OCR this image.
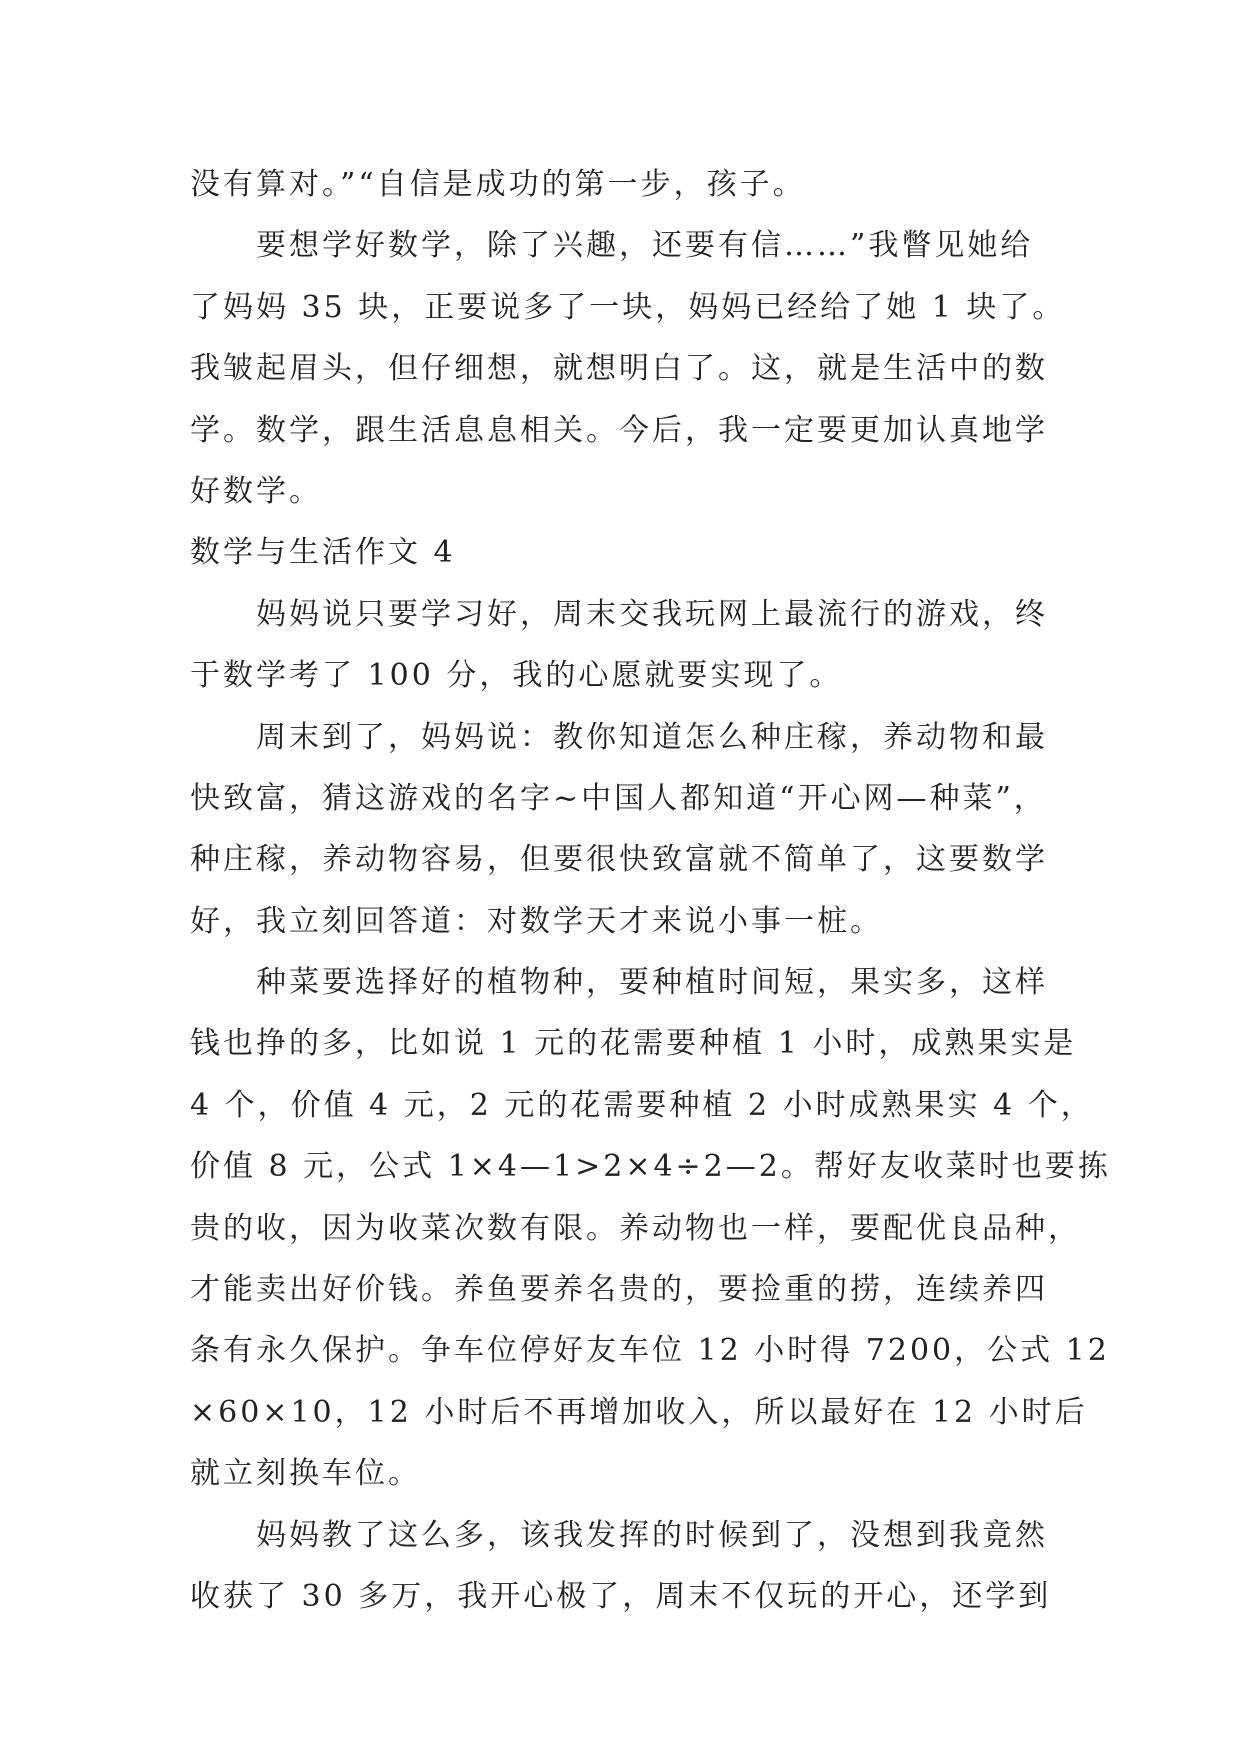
没有算对。”“自信是成功的第一步，孩子。
要想学好数学，除了兴趣，还要有信……”我瞥见她给
了妈妈 35 块，正要说多了一块，妈妈已经给了她 1 块了。
我皱起眉头，但仔细想，就想明白了。这，就是生活中的数
学。数学，跟生活息息相关。今后，我一定要更加认真地学
好数学。
数学与生活作文 4
妈妈说只要学习好，周末交我玩网上最流行的游戏，终
于数学考了 100 分，我的心愿就要实现了。
周末到了，妈妈说：教你知道怎么种庄稼，养动物和最
快致富，猜这游戏的名字~中国人都知道“开心网—种菜”，
种庄稼，养动物容易，但要很快致富就不简单了，这要数学
好，我立刻回答道：对数学天才来说小事一桩。
种菜要选择好的植物种，要种植时间短，果实多，这样
钱也挣的多，比如说 1 元的花需要种植 1 小时，成熟果实是
4 个，价值 4 元，2 元的花需要种植 2 小时成熟果实 4 个，
价值 8 元，公式 1×4—1>2×4÷2—2。帮好友收菜时也要拣
贵的收，因为收菜次数有限。养动物也一样，要配优良品种，
才能卖出好价钱。养鱼要养名贵的，要捡重的捞，连续养四
条有永久保护。争车位停好友车位 12 小时得 7200，公式 12
×60×10，12 小时后不再增加收入，所以最好在 12 小时后
就立刻换车位。
妈妈教了这么多，该我发挥的时候到了，没想到我竟然
收获了 30 多万，我开心极了，周末不仅玩的开心，还学到
